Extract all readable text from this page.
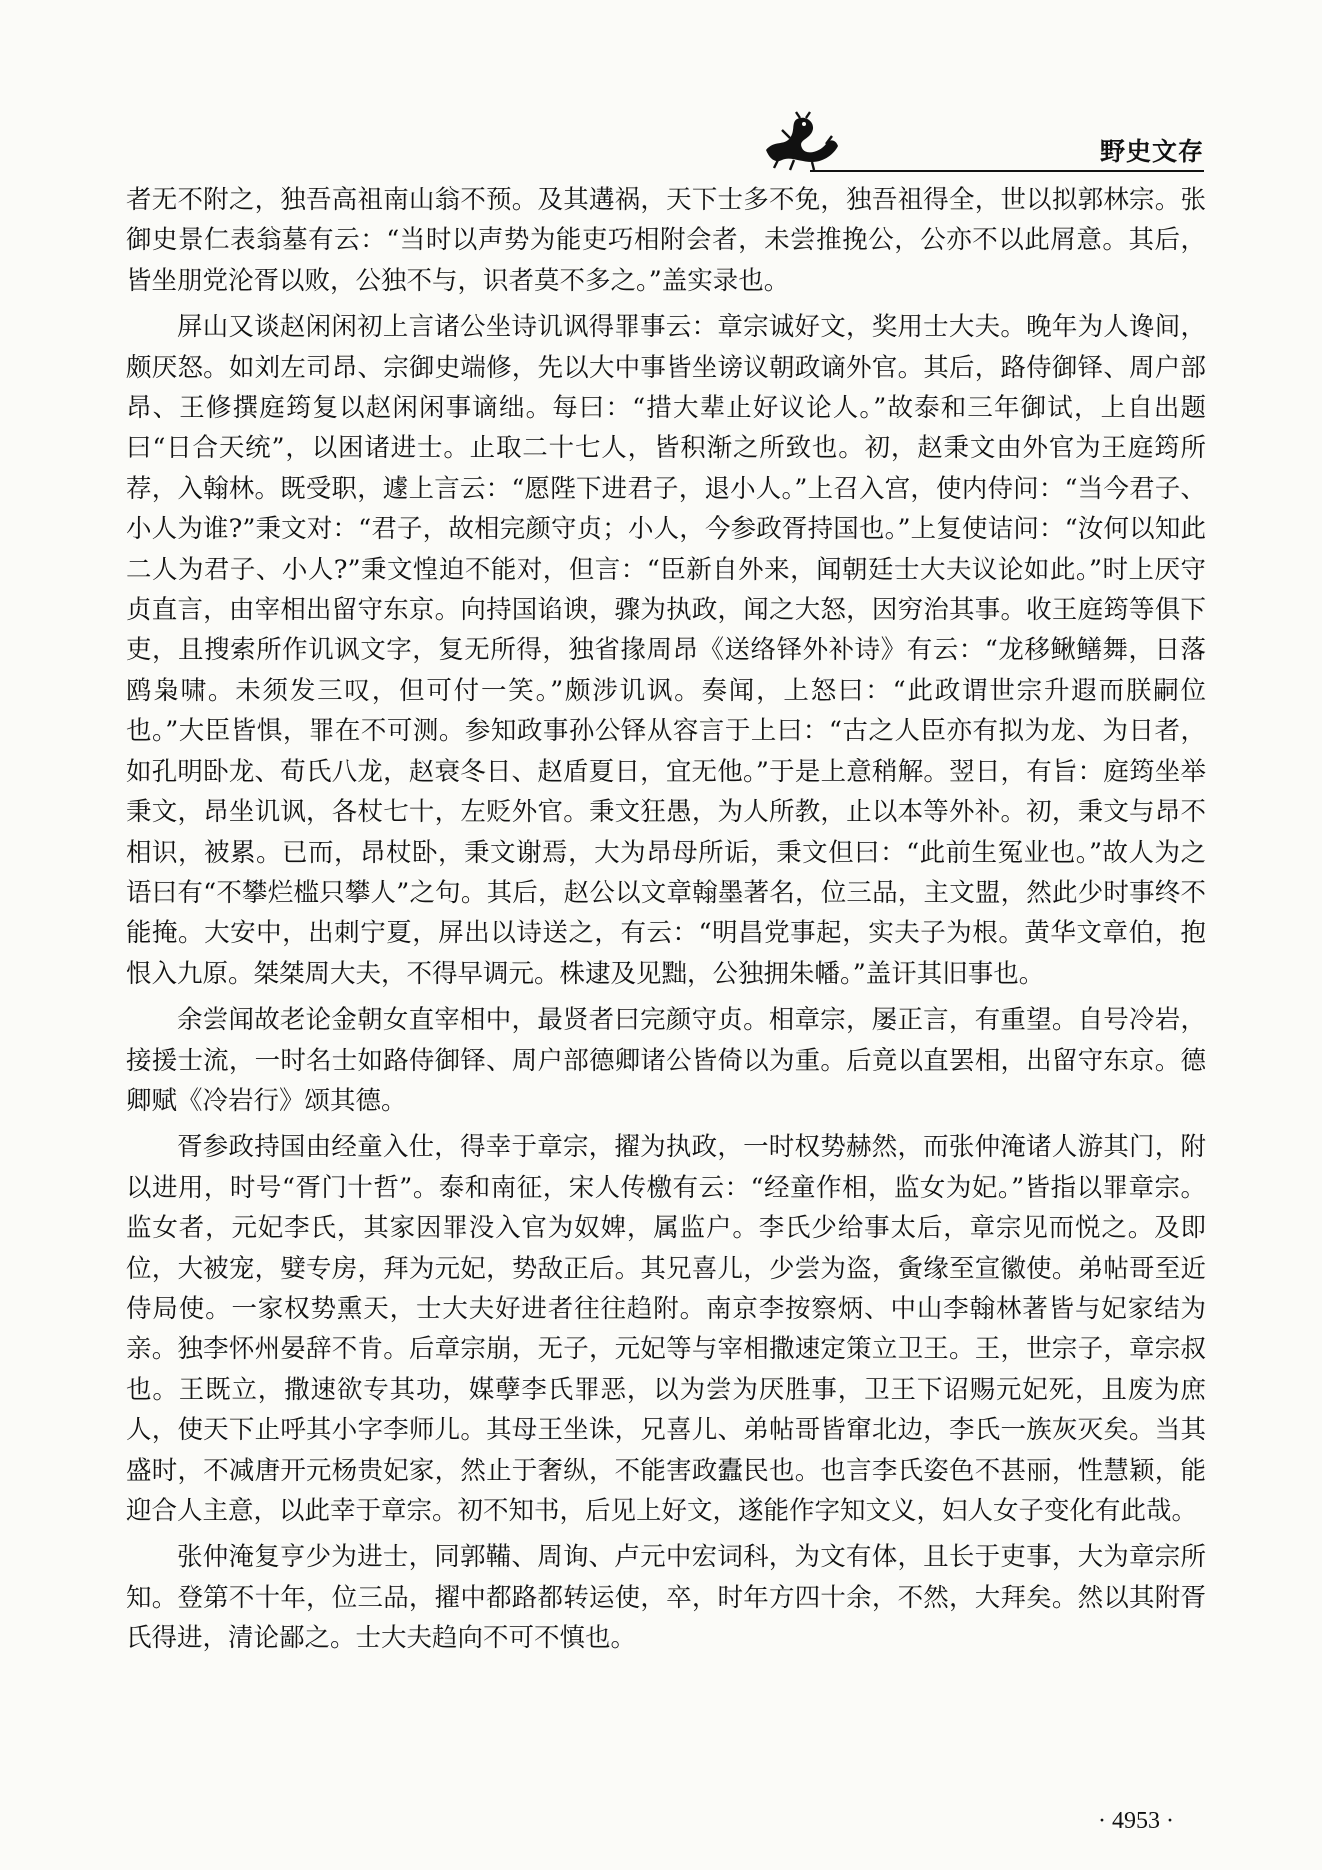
野史文存

者无不附之，独吾高祖南山翁不预。及其遘祸，天下士多不免，独吾祖得全，世以拟郭林宗。张御史景仁表翁墓有云：“当时以声势为能吏巧相附会者，未尝推挽公，公亦不以此屑意。其后，皆坐朋党沦胥以败，公独不与，识者莫不多之。”盖实录也。

屏山又谈赵闲闲初上言诸公坐诗讥讽得罪事云：章宗诚好文，奖用士大夫。晚年为人谗间，颇厌怒。如刘左司昂、宗御史端修，先以大中事皆坐谤议朝政谪外官。其后，路侍御铎、周户部昂、王修撰庭筠复以赵闲闲事谪绌。每曰：“措大辈止好议论人。”故泰和三年御试，上自出题曰“日合天统”，以困诸进士。止取二十七人，皆积渐之所致也。初，赵秉文由外官为王庭筠所荐，入翰林。既受职，遽上言云：“愿陛下进君子，退小人。”上召入宫，使内侍问：“当今君子、小人为谁?”秉文对：“君子，故相完颜守贞；小人，今参政胥持国也。”上复使诘问：“汝何以知此二人为君子、小人?”秉文惶迫不能对，但言：“臣新自外来，闻朝廷士大夫议论如此。”时上厌守贞直言，由宰相出留守东京。向持国谄谀，骤为执政，闻之大怒，因穷治其事。收王庭筠等俱下吏，且搜索所作讥讽文字，复无所得，独省掾周昂《送络铎外补诗》有云：“龙移鳅鳝舞，日落鸥枭啸。未须发三叹，但可付一笑。”颇涉讥讽。奏闻，上怒曰：“此政谓世宗升遐而朕嗣位也。”大臣皆惧，罪在不可测。参知政事孙公铎从容言于上曰：“古之人臣亦有拟为龙、为日者，如孔明卧龙、荀氏八龙，赵衰冬日、赵盾夏日，宜无他。”于是上意稍解。翌日，有旨：庭筠坐举秉文，昂坐讥讽，各杖七十，左贬外官。秉文狂愚，为人所教，止以本等外补。初，秉文与昂不相识，被累。已而，昂杖卧，秉文谢焉，大为昂母所诟，秉文但曰：“此前生冤业也。”故人为之语曰有“不攀烂槛只攀人”之句。其后，赵公以文章翰墨著名，位三品，主文盟，然此少时事终不能掩。大安中，出刺宁夏，屏出以诗送之，有云：“明昌党事起，实夫子为根。黄华文章伯，抱恨入九原。桀桀周大夫，不得早调元。株逮及见黜，公独拥朱幡。”盖讦其旧事也。

余尝闻故老论金朝女直宰相中，最贤者曰完颜守贞。相章宗，屡正言，有重望。自号冷岩，接援士流，一时名士如路侍御铎、周户部德卿诸公皆倚以为重。后竟以直罢相，出留守东京。德卿赋《冷岩行》颂其德。

胥参政持国由经童入仕，得幸于章宗，擢为执政，一时权势赫然，而张仲淹诸人游其门，附以进用，时号“胥门十哲”。泰和南征，宋人传檄有云：“经童作相，监女为妃。”皆指以罪章宗。监女者，元妃李氏，其家因罪没入官为奴婢，属监户。李氏少给事太后，章宗见而悦之。及即位，大被宠，嬖专房，拜为元妃，势敌正后。其兄喜儿，少尝为盗，夤缘至宣徽使。弟帖哥至近侍局使。一家权势熏天，士大夫好进者往往趋附。南京李按察炳、中山李翰林著皆与妃家结为亲。独李怀州晏辞不肯。后章宗崩，无子，元妃等与宰相撒速定策立卫王。王，世宗子，章宗叔也。王既立，撒速欲专其功，媒孽李氏罪恶，以为尝为厌胜事，卫王下诏赐元妃死，且废为庶人，使天下止呼其小字李师儿。其母王坐诛，兄喜儿、弟帖哥皆窜北边，李氏一族灰灭矣。当其盛时，不减唐开元杨贵妃家，然止于奢纵，不能害政蠹民也。也言李氏姿色不甚丽，性慧颖，能迎合人主意，以此幸于章宗。初不知书，后见上好文，遂能作字知文义，妇人女子变化有此哉。

张仲淹复亨少为进士，同郭鞴、周询、卢元中宏词科，为文有体，且长于吏事，大为章宗所知。登第不十年，位三品，擢中都路都转运使，卒，时年方四十余，不然，大拜矣。然以其附胥氏得进，清论鄙之。士大夫趋向不可不慎也。

· 4953 ·
